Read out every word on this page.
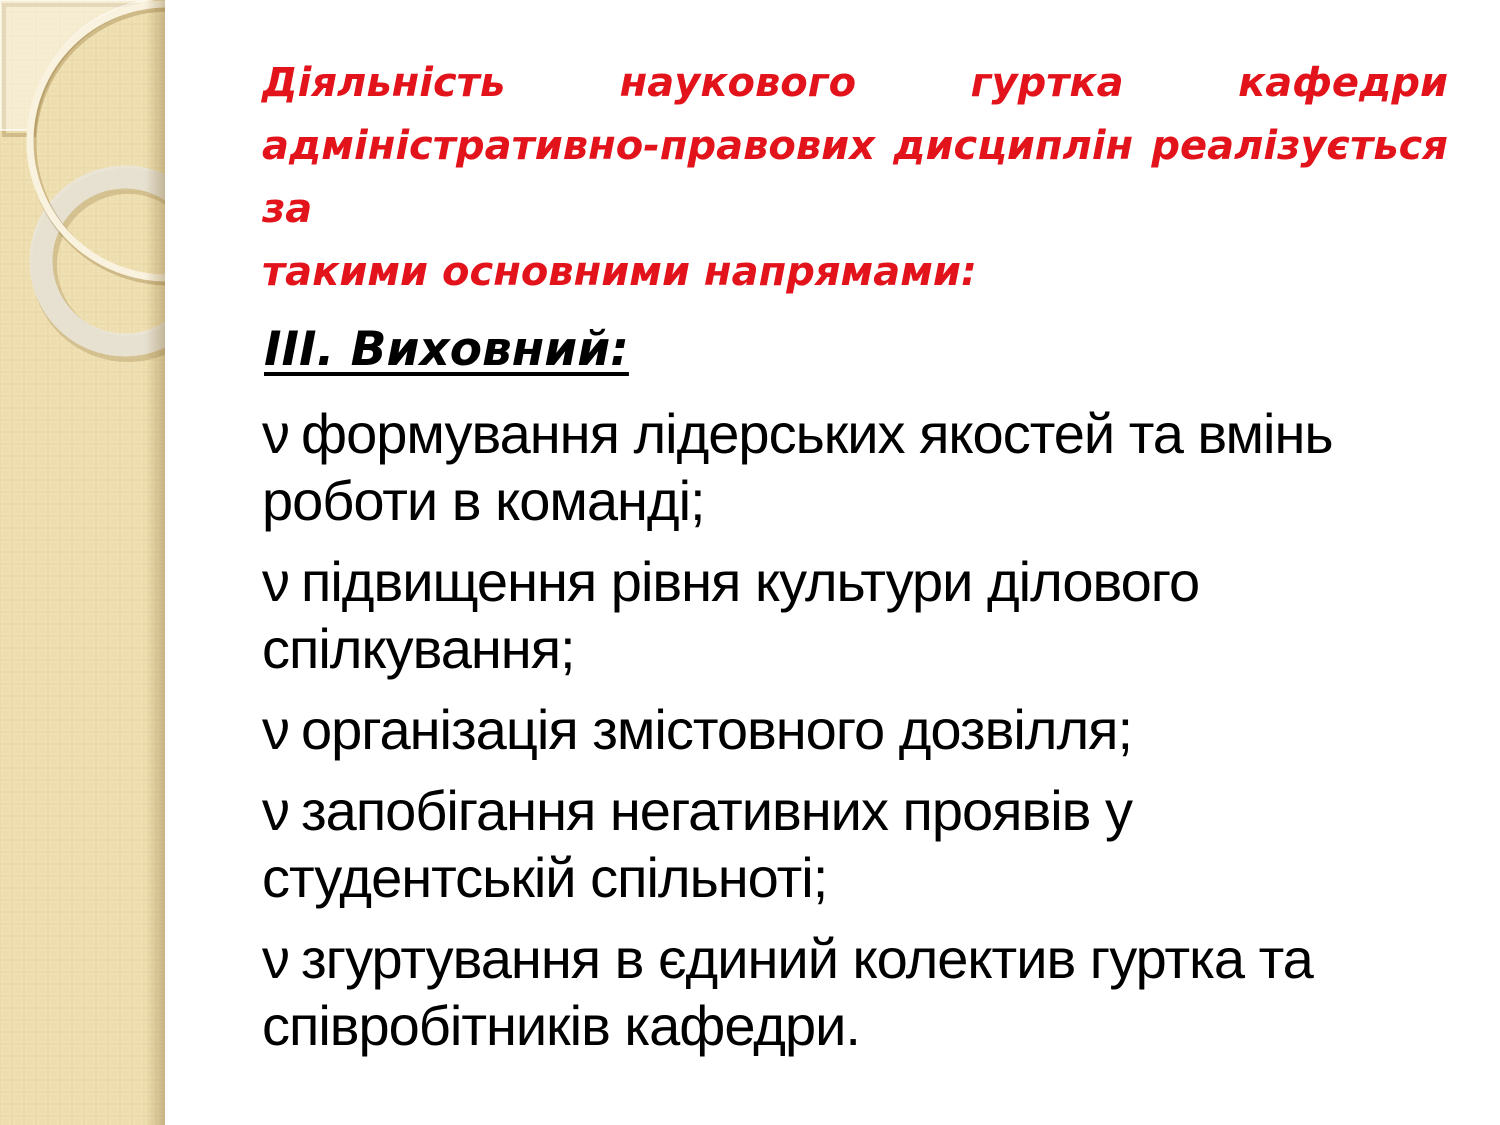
Діяльність наукового гуртка кафедри
адміністративно-правових дисциплін реалізується за
такими основними напрямами:
III. Виховний:

ν формування лідерських якостей та вмінь
роботи в команді;

ν підвищення рівня культури ділового
спілкування;

ν організація змістовного дозвілля;

ν запобігання негативних проявів у
студентській спільноті;

ν згуртування в єдиний колектив гуртка та
співробітників кафедри.
